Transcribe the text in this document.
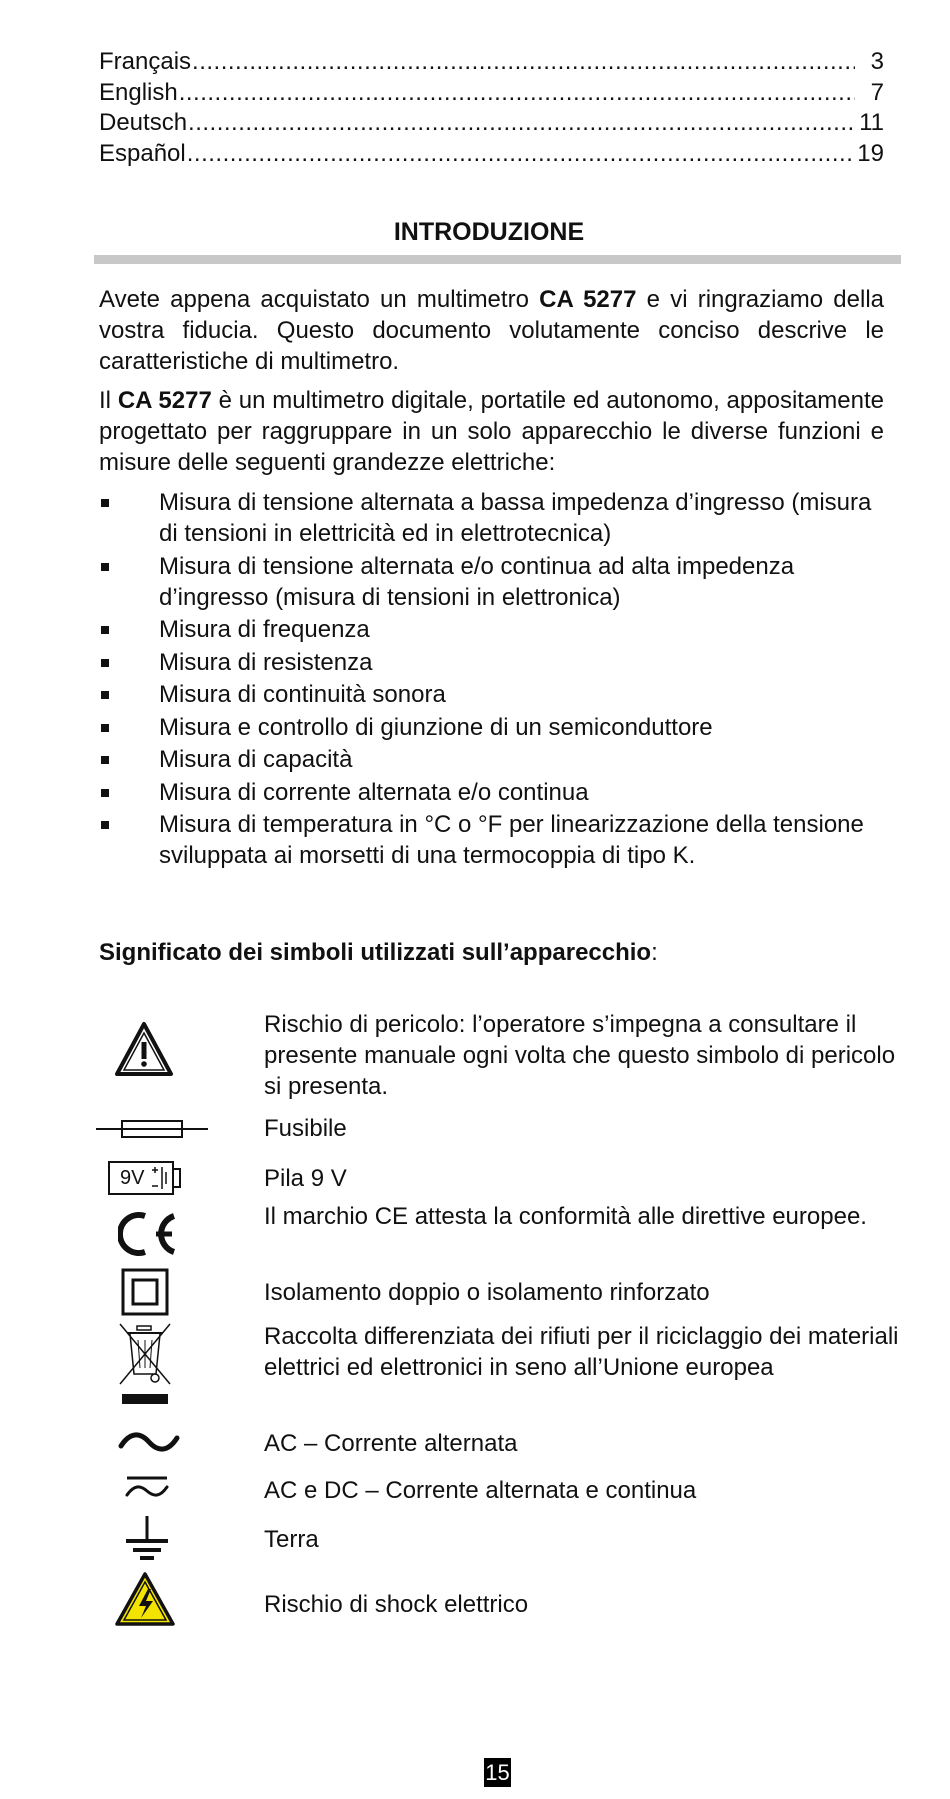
Français .....	3
English .....	7
Deutsch .....	11
Español .....	19
INTRODUZIONE

Avete appena acquistato un multimetro CA 5277 e vi ringraziamo della vostra fiducia. Questo documento volutamente conciso descrive le caratteristiche di multimetro.

Il CA 5277 è un multimetro digitale, portatile ed autonomo, appositamente progettato per raggruppare in un solo apparecchio le diverse funzioni e misure delle seguenti grandezze elettriche:

Misura di tensione alternata a bassa impedenza d’ingresso (misura di tensioni in elettricità ed in elettrotecnica)
Misura di tensione alternata e/o continua ad alta impedenza d’ingresso (misura di tensioni in elettronica)
Misura di frequenza
Misura di resistenza
Misura di continuità sonora
Misura e controllo di giunzione di un semiconduttore
Misura di capacità
Misura di corrente alternata e/o continua
Misura di temperatura in °C o °F per linearizzazione della tensione sviluppata ai morsetti di una termocoppia di tipo K.
Significato dei simboli utilizzati sull’apparecchio:
Rischio di pericolo: l’operatore s’impegna a consultare il presente manuale ogni volta che questo simbolo di pericolo si presenta.
Fusibile
9V	Pila 9 V
Il marchio CE attesta la conformità alle direttive europee.
Isolamento doppio o isolamento rinforzato
Raccolta differenziata dei rifiuti per il riciclaggio dei materiali elettrici ed elettronici in seno all’Unione europea
AC – Corrente alternata
AC e DC – Corrente alternata e continua
Terra
Rischio di shock elettrico
15
